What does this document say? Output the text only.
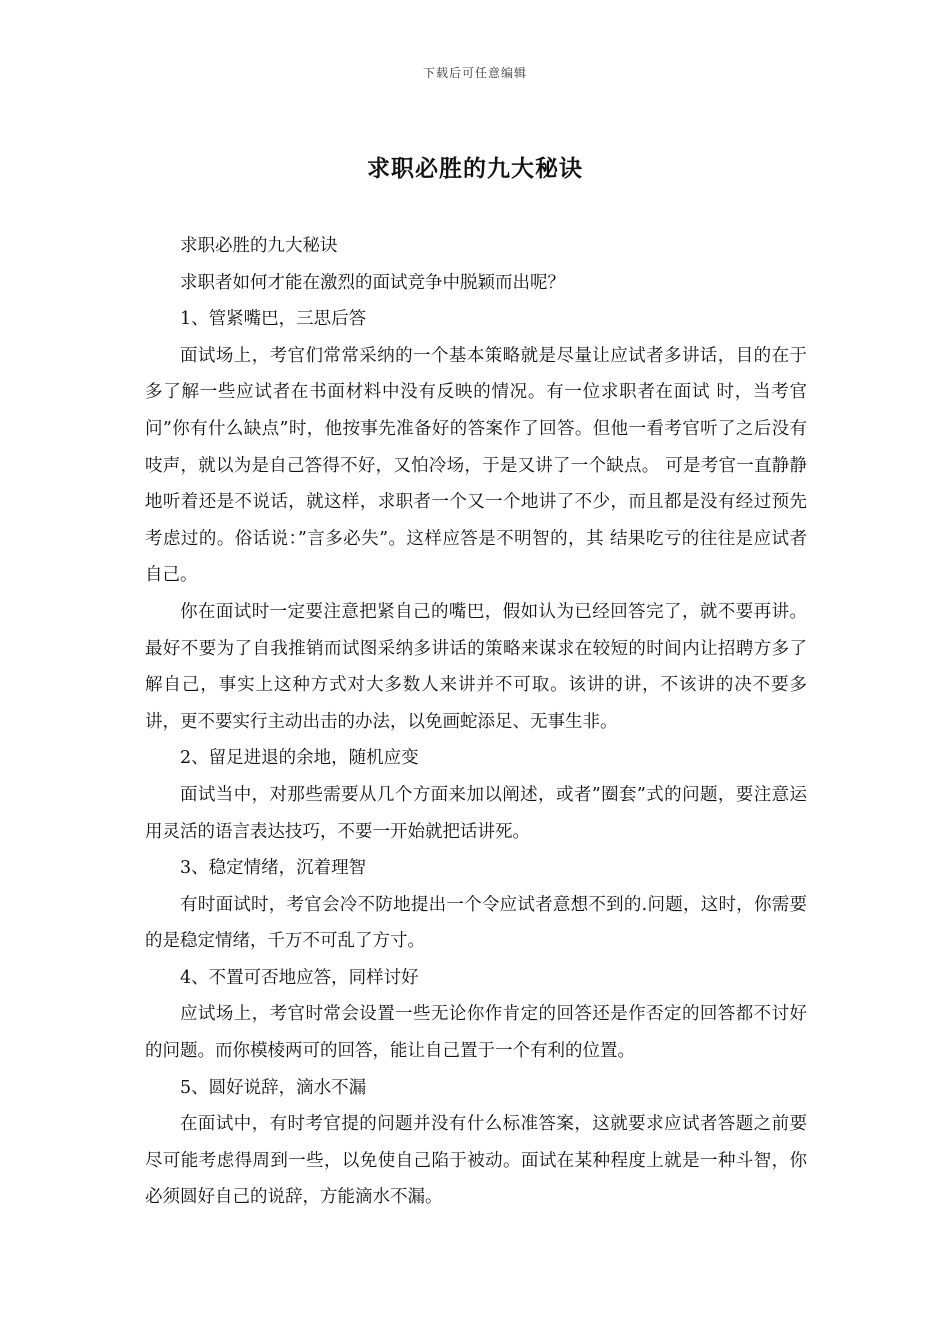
下载后可任意编辑
求职必胜的九大秘诀

求职必胜的九大秘诀

求职者如何才能在激烈的面试竞争中脱颖而出呢？

1、管紧嘴巴，三思后答

面试场上，考官们常常采纳的一个基本策略就是尽量让应试者多讲话，目的在于多了解一些应试者在书面材料中没有反映的情况。有一位求职者在面试 时，当考官问”你有什么缺点”时，他按事先准备好的答案作了回答。但他一看考官听了之后没有吱声，就以为是自己答得不好，又怕冷场，于是又讲了一个缺点。 可是考官一直静静地听着还是不说话，就这样，求职者一个又一个地讲了不少，而且都是没有经过预先考虑过的。俗话说：”言多必失”。这样应答是不明智的，其 结果吃亏的往往是应试者自己。

你在面试时一定要注意把紧自己的嘴巴，假如认为已经回答完了，就不要再讲。最好不要为了自我推销而试图采纳多讲话的策略来谋求在较短的时间内让招聘方多了解自己，事实上这种方式对大多数人来讲并不可取。该讲的讲，不该讲的决不要多讲，更不要实行主动出击的办法，以免画蛇添足、无事生非。

2、留足进退的余地，随机应变

面试当中，对那些需要从几个方面来加以阐述，或者”圈套”式的问题，要注意运用灵活的语言表达技巧，不要一开始就把话讲死。

3、稳定情绪，沉着理智

有时面试时，考官会冷不防地提出一个令应试者意想不到的.问题，这时，你需要的是稳定情绪，千万不可乱了方寸。

4、不置可否地应答，同样讨好

应试场上，考官时常会设置一些无论你作肯定的回答还是作否定的回答都不讨好的问题。而你模棱两可的回答，能让自己置于一个有利的位置。

5、圆好说辞，滴水不漏

在面试中，有时考官提的问题并没有什么标准答案，这就要求应试者答题之前要尽可能考虑得周到一些，以免使自己陷于被动。面试在某种程度上就是一种斗智，你必须圆好自己的说辞，方能滴水不漏。
